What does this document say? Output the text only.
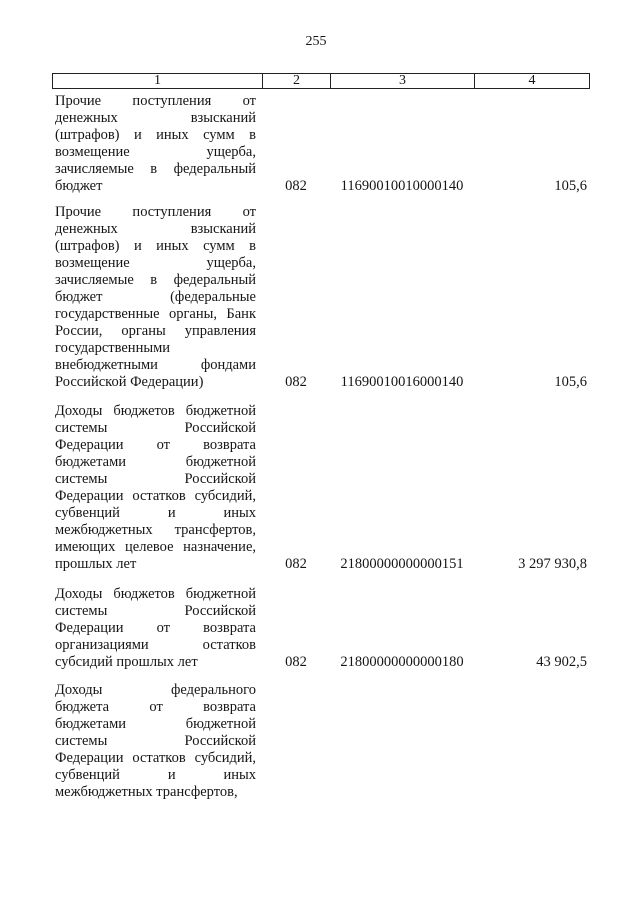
255
1	2	3	4
Прочие поступления от
денежных взысканий
(штрафов) и иных сумм в
возмещение ущерба,
зачисляемые в федеральный
бюджет	082	11690010010000140	105,6
Прочие поступления от
денежных взысканий
(штрафов) и иных сумм в
возмещение ущерба,
зачисляемые в федеральный
бюджет (федеральные
государственные органы, Банк
России, органы управления
государственными
внебюджетными фондами
Российской Федерации)	082	11690010016000140	105,6
Доходы бюджетов бюджетной
системы Российской
Федерации от возврата
бюджетами бюджетной
системы Российской
Федерации остатков субсидий,
субвенций и иных
межбюджетных трансфертов,
имеющих целевое назначение,
прошлых лет	082	21800000000000151	3 297 930,8
Доходы бюджетов бюджетной
системы Российской
Федерации от возврата
организациями остатков
субсидий прошлых лет	082	21800000000000180	43 902,5
Доходы федерального
бюджета от возврата
бюджетами бюджетной
системы Российской
Федерации остатков субсидий,
субвенций и иных
межбюджетных трансфертов,
